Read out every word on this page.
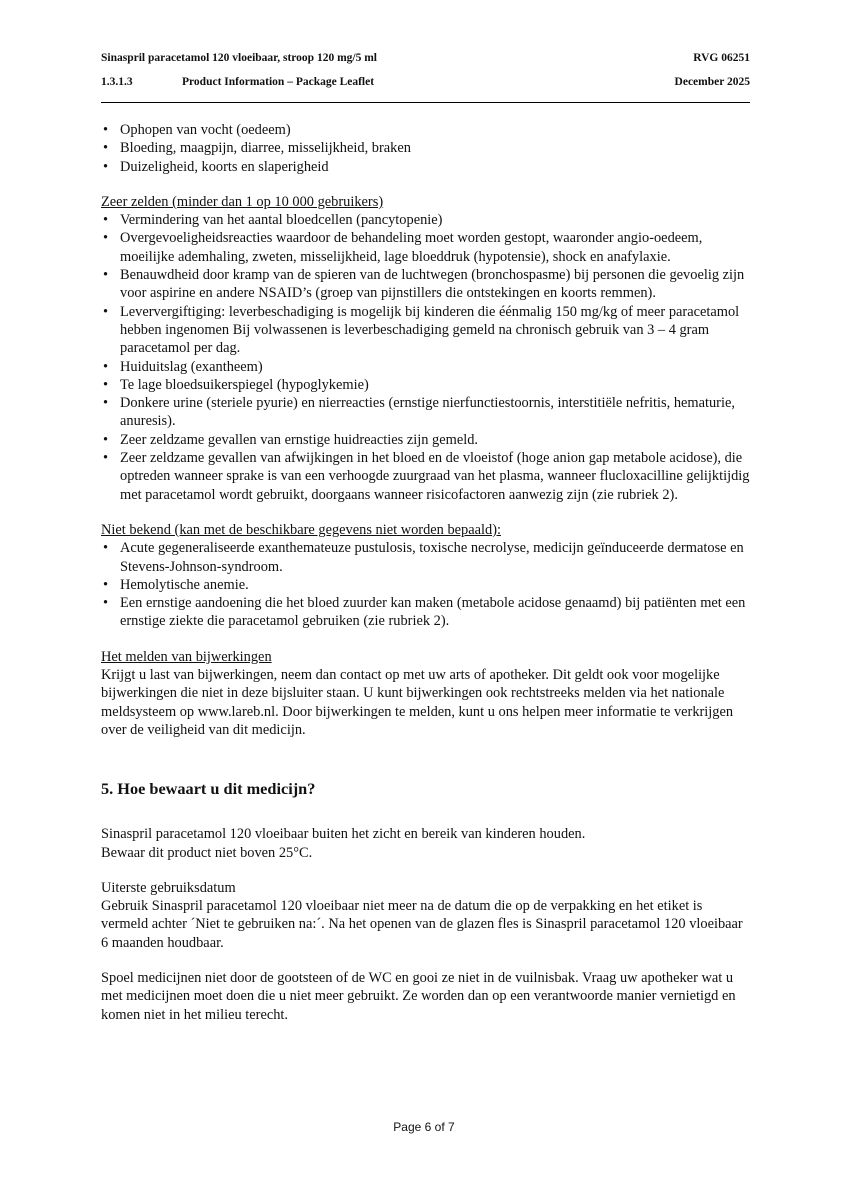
Sinaspril paracetamol 120 vloeibaar, stroop 120 mg/5 ml	RVG 06251
1.3.1.3	Product Information – Package Leaflet	December 2025
• Ophopen van vocht (oedeem)
• Bloeding, maagpijn, diarree, misselijkheid, braken
• Duizeligheid, koorts en slaperigheid
Zeer zelden (minder dan 1 op 10 000 gebruikers)
• Vermindering van het aantal bloedcellen (pancytopenie)
• Overgevoeligheidsreacties waardoor de behandeling moet worden gestopt, waaronder angio-oedeem, moeilijke ademhaling, zweten, misselijkheid, lage bloeddruk (hypotensie), shock en anafylaxie.
• Benauwdheid door kramp van de spieren van de luchtwegen (bronchospasme) bij personen die gevoelig zijn voor aspirine en andere NSAID’s (groep van pijnstillers die ontstekingen en koorts remmen).
• Leververgiftiging: leverbeschadiging is mogelijk bij kinderen die éénmalig 150 mg/kg of meer paracetamol hebben ingenomen Bij volwassenen is leverbeschadiging gemeld na chronisch gebruik van 3 – 4 gram paracetamol per dag.
• Huiduitslag (exantheem)
• Te lage bloedsuikerspiegel (hypoglykemie)
• Donkere urine (steriele pyurie) en nierreacties (ernstige nierfunctiestoornis, interstitiële nefritis, hematurie, anuresis).
• Zeer zeldzame gevallen van ernstige huidreacties zijn gemeld.
• Zeer zeldzame gevallen van afwijkingen in het bloed en de vloeistof (hoge anion gap metabole acidose), die optreden wanneer sprake is van een verhoogde zuurgraad van het plasma, wanneer flucloxacilline gelijktijdig met paracetamol wordt gebruikt, doorgaans wanneer risicofactoren aanwezig zijn (zie rubriek 2).
Niet bekend (kan met de beschikbare gegevens niet worden bepaald):
• Acute gegeneraliseerde exanthemateuze pustulosis, toxische necrolyse, medicijn geïnduceerde dermatose en Stevens-Johnson-syndroom.
• Hemolytische anemie.
• Een ernstige aandoening die het bloed zuurder kan maken (metabole acidose genaamd) bij patiënten met een ernstige ziekte die paracetamol gebruiken (zie rubriek 2).
Het melden van bijwerkingen

Krijgt u last van bijwerkingen, neem dan contact op met uw arts of apotheker. Dit geldt ook voor mogelijke bijwerkingen die niet in deze bijsluiter staan. U kunt bijwerkingen ook rechtstreeks melden via het nationale meldsysteem op www.lareb.nl. Door bijwerkingen te melden, kunt u ons helpen meer informatie te verkrijgen over de veiligheid van dit medicijn.

5. Hoe bewaart u dit medicijn?

Sinaspril paracetamol 120 vloeibaar buiten het zicht en bereik van kinderen houden.

Bewaar dit product niet boven 25°C.

Uiterste gebruiksdatum

Gebruik Sinaspril paracetamol 120 vloeibaar niet meer na de datum die op de verpakking en het etiket is vermeld achter ´Niet te gebruiken na:´. Na het openen van de glazen fles is Sinaspril paracetamol 120 vloeibaar 6 maanden houdbaar.

Spoel medicijnen niet door de gootsteen of de WC en gooi ze niet in de vuilnisbak. Vraag uw apotheker wat u met medicijnen moet doen die u niet meer gebruikt. Ze worden dan op een verantwoorde manier vernietigd en komen niet in het milieu terecht.

Page 6 of 7
